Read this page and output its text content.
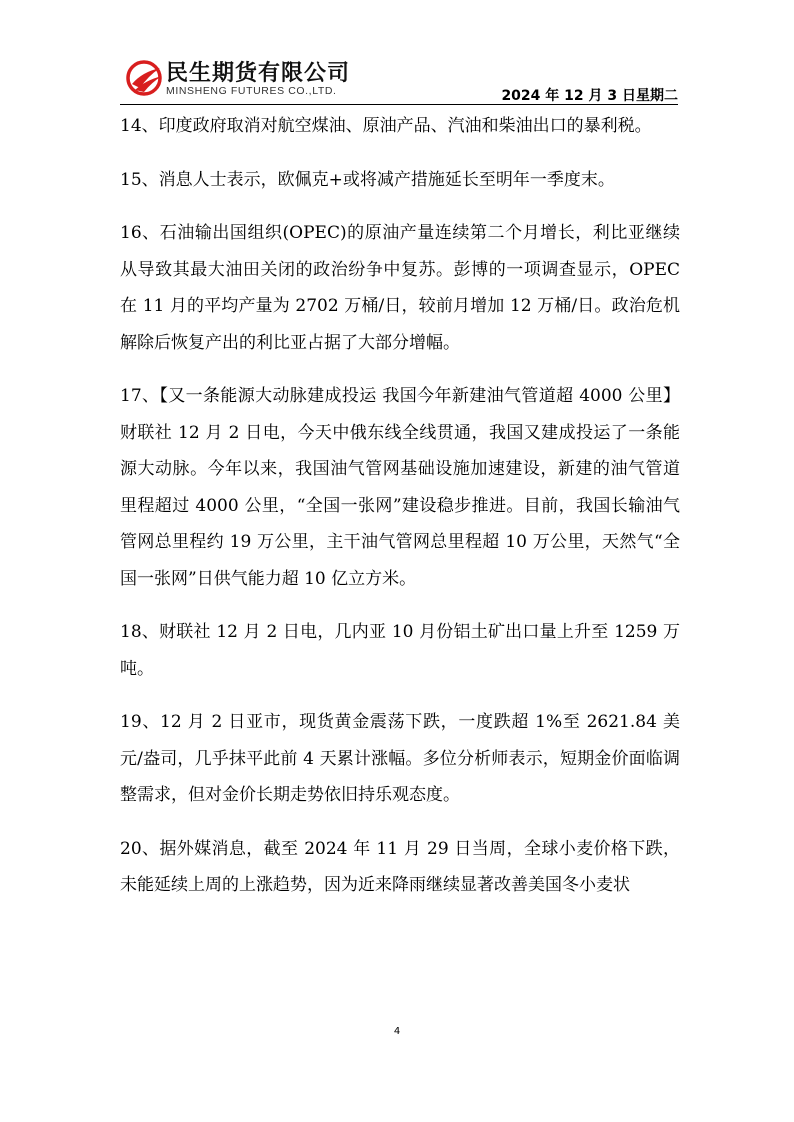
民生期货有限公司
MINSHENG FUTURES CO.,LTD.	2024 年 12 月 3 日星期二

14、印度政府取消对航空煤油、原油产品、汽油和柴油出口的暴利税。

15、消息人士表示，欧佩克+或将减产措施延长至明年一季度末。

16、石油输出国组织(OPEC)的原油产量连续第二个月增长，利比亚继续从导致其最大油田关闭的政治纷争中复苏。彭博的一项调查显示，OPEC 在 11 月的平均产量为 2702 万桶/日，较前月增加 12 万桶/日。政治危机解除后恢复产出的利比亚占据了大部分增幅。

17、【又一条能源大动脉建成投运 我国今年新建油气管道超 4000 公里】财联社 12 月 2 日电，今天中俄东线全线贯通，我国又建成投运了一条能源大动脉。今年以来，我国油气管网基础设施加速建设，新建的油气管道里程超过 4000 公里，“全国一张网”建设稳步推进。目前，我国长输油气管网总里程约 19 万公里，主干油气管网总里程超 10 万公里，天然气“全国一张网”日供气能力超 10 亿立方米。

18、财联社 12 月 2 日电，几内亚 10 月份铝土矿出口量上升至 1259 万吨。

19、12 月 2 日亚市，现货黄金震荡下跌，一度跌超 1%至 2621.84 美元/盎司，几乎抹平此前 4 天累计涨幅。多位分析师表示，短期金价面临调整需求，但对金价长期走势依旧持乐观态度。

20、据外媒消息，截至 2024 年 11 月 29 日当周，全球小麦价格下跌，未能延续上周的上涨趋势，因为近来降雨继续显著改善美国冬小麦状

4
